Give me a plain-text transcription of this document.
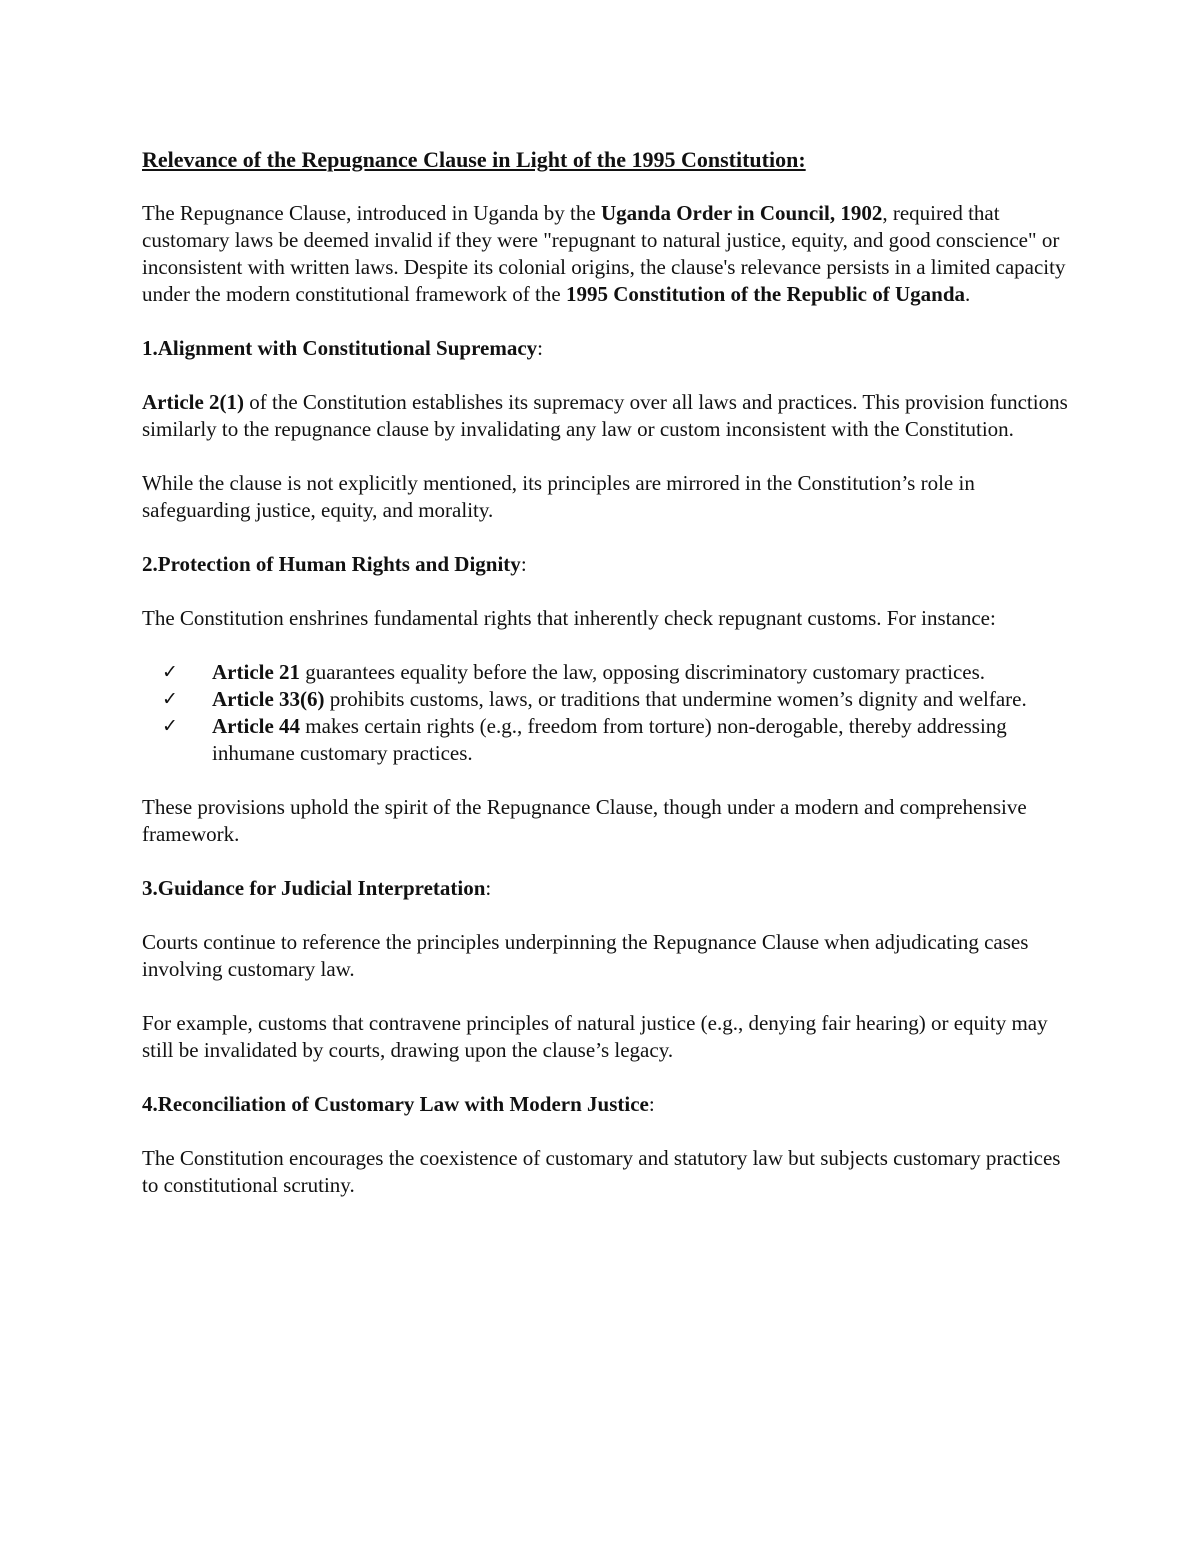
Relevance of the Repugnance Clause in Light of the 1995 Constitution:

The Repugnance Clause, introduced in Uganda by the Uganda Order in Council, 1902, required that customary laws be deemed invalid if they were "repugnant to natural justice, equity, and good conscience" or inconsistent with written laws. Despite its colonial origins, the clause's relevance persists in a limited capacity under the modern constitutional framework of the 1995 Constitution of the Republic of Uganda.

1.Alignment with Constitutional Supremacy:

Article 2(1) of the Constitution establishes its supremacy over all laws and practices. This provision functions similarly to the repugnance clause by invalidating any law or custom inconsistent with the Constitution.

While the clause is not explicitly mentioned, its principles are mirrored in the Constitution’s role in safeguarding justice, equity, and morality.

2.Protection of Human Rights and Dignity:

The Constitution enshrines fundamental rights that inherently check repugnant customs. For instance:

✓ Article 21 guarantees equality before the law, opposing discriminatory customary practices.
✓ Article 33(6) prohibits customs, laws, or traditions that undermine women’s dignity and welfare.
✓ Article 44 makes certain rights (e.g., freedom from torture) non-derogable, thereby addressing inhumane customary practices.

These provisions uphold the spirit of the Repugnance Clause, though under a modern and comprehensive framework.

3.Guidance for Judicial Interpretation:

Courts continue to reference the principles underpinning the Repugnance Clause when adjudicating cases involving customary law.

For example, customs that contravene principles of natural justice (e.g., denying fair hearing) or equity may still be invalidated by courts, drawing upon the clause’s legacy.

4.Reconciliation of Customary Law with Modern Justice:

The Constitution encourages the coexistence of customary and statutory law but subjects customary practices to constitutional scrutiny.
